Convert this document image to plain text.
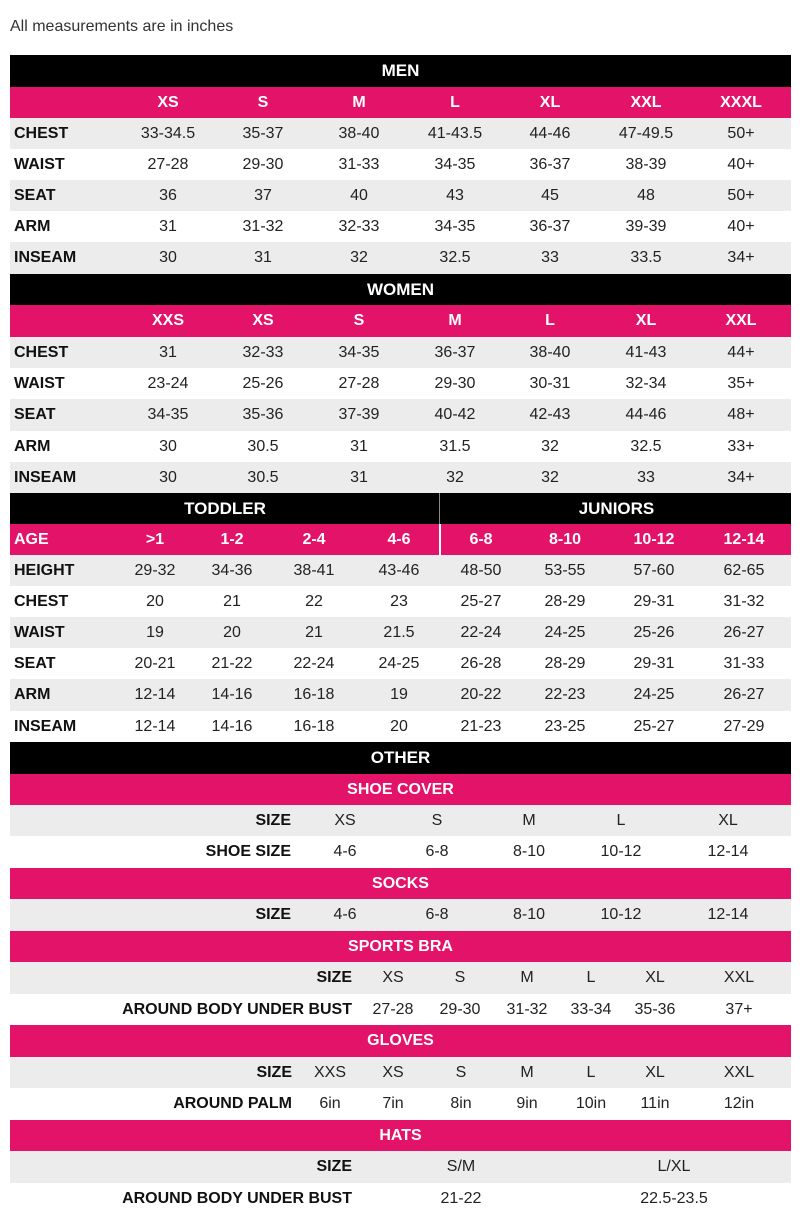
All measurements are in inches
MEN
XS	S	M	L	XL	XXL	XXXL
CHEST	33-34.5	35-37	38-40	41-43.5	44-46	47-49.5	50+
WAIST	27-28	29-30	31-33	34-35	36-37	38-39	40+
SEAT	36	37	40	43	45	48	50+
ARM	31	31-32	32-33	34-35	36-37	39-39	40+
INSEAM	30	31	32	32.5	33	33.5	34+
WOMEN
XXS	XS	S	M	L	XL	XXL
CHEST	31	32-33	34-35	36-37	38-40	41-43	44+
WAIST	23-24	25-26	27-28	29-30	30-31	32-34	35+
SEAT	34-35	35-36	37-39	40-42	42-43	44-46	48+
ARM	30	30.5	31	31.5	32	32.5	33+
INSEAM	30	30.5	31	32	32	33	34+
TODDLER	JUNIORS
AGE	>1	1-2	2-4	4-6	6-8	8-10	10-12	12-14
HEIGHT	29-32	34-36	38-41	43-46	48-50	53-55	57-60	62-65
CHEST	20	21	22	23	25-27	28-29	29-31	31-32
WAIST	19	20	21	21.5	22-24	24-25	25-26	26-27
SEAT	20-21	21-22	22-24	24-25	26-28	28-29	29-31	31-33
ARM	12-14	14-16	16-18	19	20-22	22-23	24-25	26-27
INSEAM	12-14	14-16	16-18	20	21-23	23-25	25-27	27-29
OTHER
SHOE COVER
SIZE	XS	S	M	L	XL
SHOE SIZE	4-6	6-8	8-10	10-12	12-14
SOCKS
SIZE	4-6	6-8	8-10	10-12	12-14
SPORTS BRA
SIZE	XS	S	M	L	XL	XXL
AROUND BODY UNDER BUST	27-28	29-30	31-32	33-34	35-36	37+
GLOVES
SIZE	XXS	XS	S	M	L	XL	XXL
AROUND PALM	6in	7in	8in	9in	10in	11in	12in
HATS
SIZE	S/M	L/XL
AROUND BODY UNDER BUST	21-22	22.5-23.5
